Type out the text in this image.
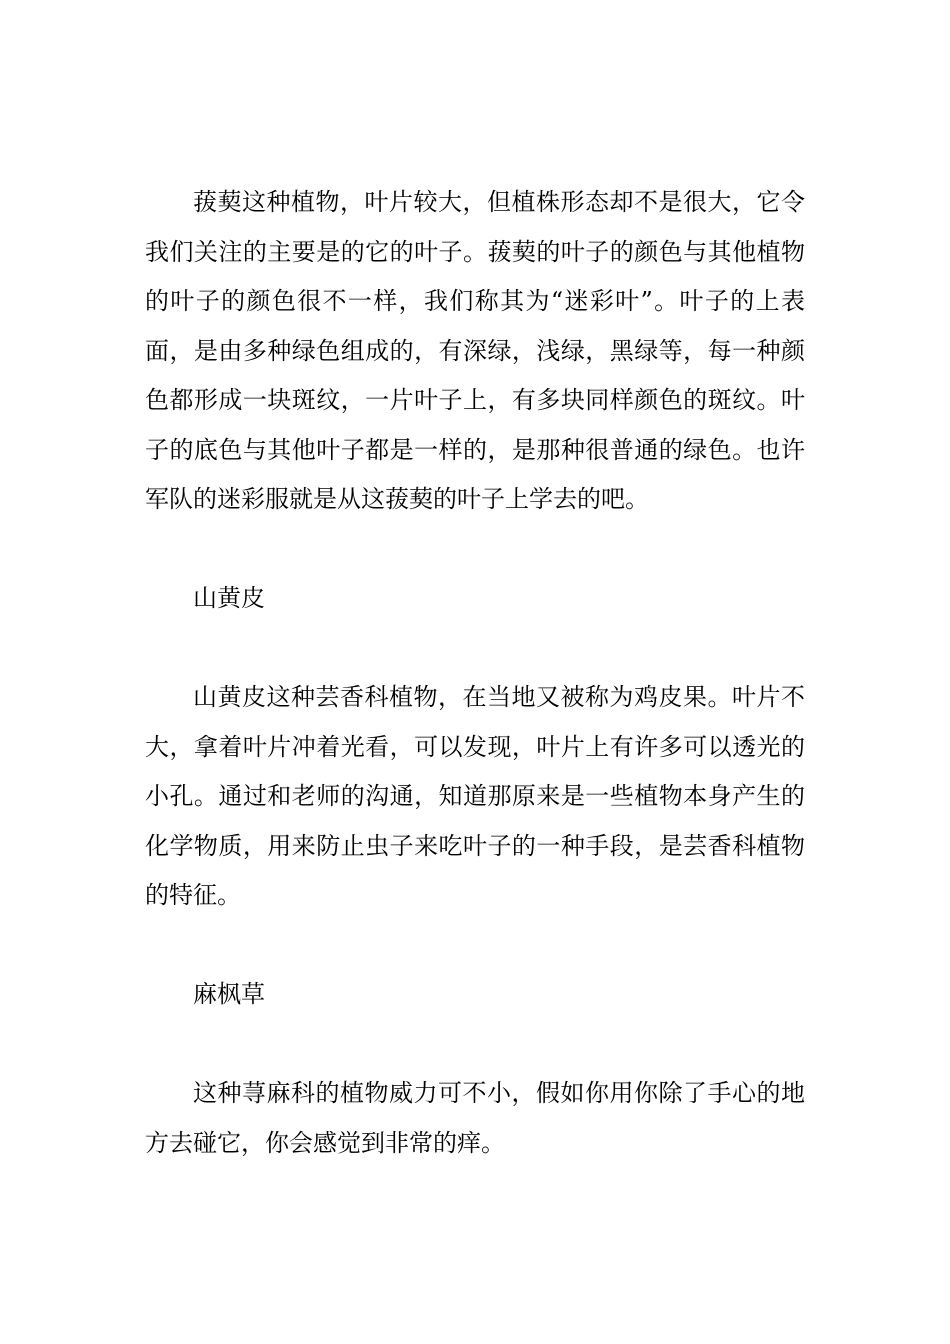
菝葜这种植物，叶片较大，但植株形态却不是很大，它令我们关注的主要是的它的叶子。菝葜的叶子的颜色与其他植物的叶子的颜色很不一样，我们称其为“迷彩叶”。叶子的上表面，是由多种绿色组成的，有深绿，浅绿，黑绿等，每一种颜色都形成一块斑纹，一片叶子上，有多块同样颜色的斑纹。叶子的底色与其他叶子都是一样的，是那种很普通的绿色。也许军队的迷彩服就是从这菝葜的叶子上学去的吧。

山黄皮

山黄皮这种芸香科植物，在当地又被称为鸡皮果。叶片不大，拿着叶片冲着光看，可以发现，叶片上有许多可以透光的小孔。通过和老师的沟通，知道那原来是一些植物本身产生的化学物质，用来防止虫子来吃叶子的一种手段，是芸香科植物的特征。

麻枫草

这种荨麻科的植物威力可不小，假如你用你除了手心的地方去碰它，你会感觉到非常的痒。
